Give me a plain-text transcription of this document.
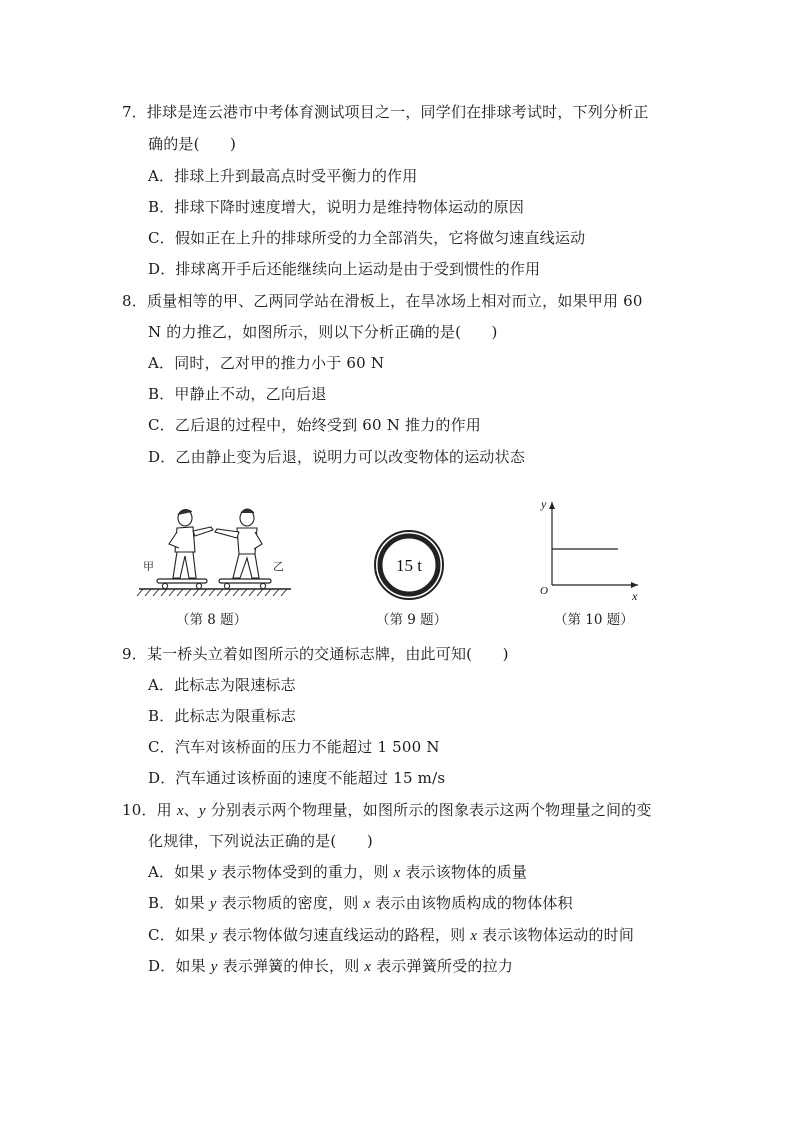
7．排球是连云港市中考体育测试项目之一，同学们在排球考试时，下列分析正
确的是(　　)
A．排球上升到最高点时受平衡力的作用
B．排球下降时速度增大，说明力是维持物体运动的原因
C．假如正在上升的排球所受的力全部消失，它将做匀速直线运动
D．排球离开手后还能继续向上运动是由于受到惯性的作用
8．质量相等的甲、乙两同学站在滑板上，在旱冰场上相对而立，如果甲用 60
N 的力推乙，如图所示，则以下分析正确的是(　　)
A．同时，乙对甲的推力小于 60 N
B．甲静止不动，乙向后退
C．乙后退的过程中，始终受到 60 N 推力的作用
D．乙由静止变为后退，说明力可以改变物体的运动状态
甲	乙
（第 8 题）
15 t
（第 9 题）
y
x
O
（第 10 题）
9．某一桥头立着如图所示的交通标志牌，由此可知(　　)
A．此标志为限速标志
B．此标志为限重标志
C．汽车对该桥面的压力不能超过 1 500 N
D．汽车通过该桥面的速度不能超过 15 m/s
10．用 x、y 分别表示两个物理量，如图所示的图象表示这两个物理量之间的变
化规律，下列说法正确的是(　　)
A．如果 y 表示物体受到的重力，则 x 表示该物体的质量
B．如果 y 表示物质的密度，则 x 表示由该物质构成的物体体积
C．如果 y 表示物体做匀速直线运动的路程，则 x 表示该物体运动的时间
D．如果 y 表示弹簧的伸长，则 x 表示弹簧所受的拉力
